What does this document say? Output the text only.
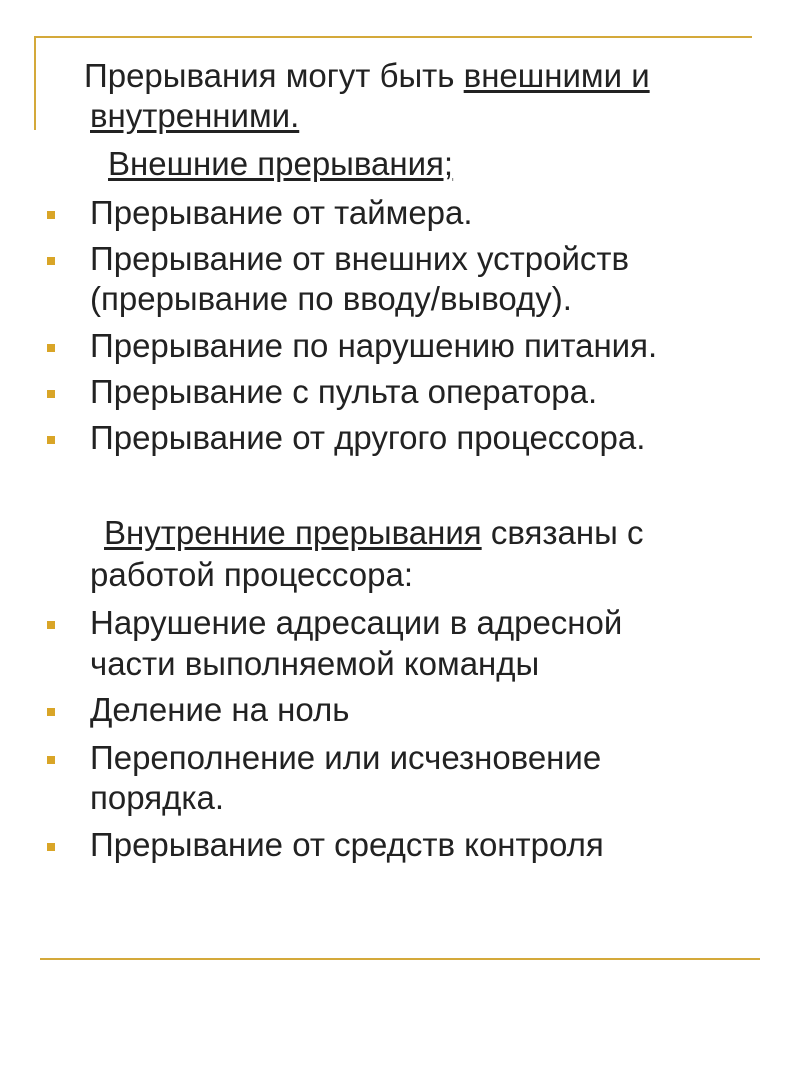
Прерывания могут быть внешними и
внутренними.
Внешние прерывания;
Прерывание от таймера.
Прерывание от внешних устройств
(прерывание по вводу/выводу).
Прерывание по нарушению питания.
Прерывание с пульта оператора.
Прерывание от другого процессора.
Внутренние прерывания связаны с
работой процессора:
Нарушение адресации в адресной
части выполняемой команды
Деление на ноль
Переполнение или исчезновение
порядка.
Прерывание от средств контроля
